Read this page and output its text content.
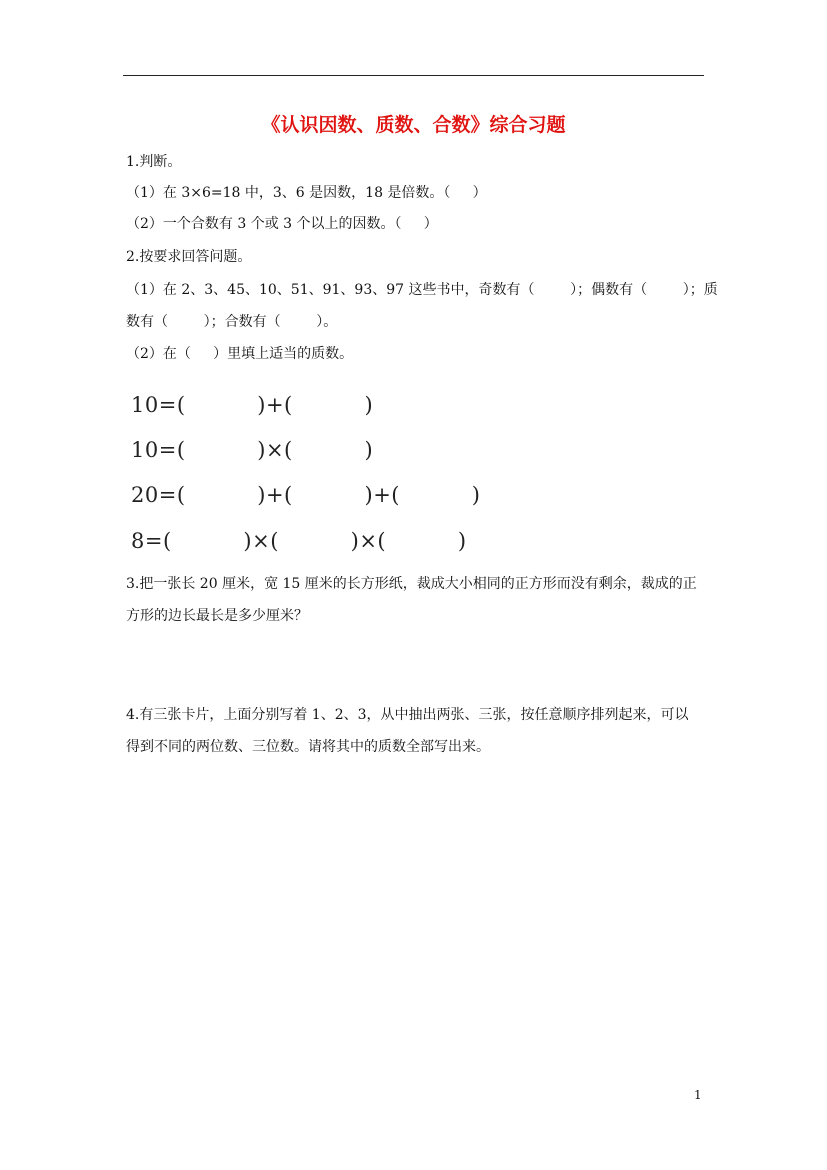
《认识因数、质数、合数》综合习题
1.判断。
（1）在 3×6=18 中，3、6 是因数，18 是倍数。（     ）
（2）一个合数有 3 个或 3 个以上的因数。（     ）
2.按要求回答问题。
（1）在 2、3、45、10、51、91、93、97 这些书中，奇数有（        ）；偶数有（        ）；质
数有（        ）；合数有（        ）。
（2）在（     ）里填上适当的质数。
10=(          )+(          )
10=(          )×(          )
20=(          )+(          )+(          )
8=(          )×(          )×(          )
3.把一张长 20 厘米，宽 15 厘米的长方形纸，裁成大小相同的正方形而没有剩余，裁成的正
方形的边长最长是多少厘米？
4.有三张卡片，上面分别写着 1、2、3，从中抽出两张、三张，按任意顺序排列起来，可以
得到不同的两位数、三位数。请将其中的质数全部写出来。
1
